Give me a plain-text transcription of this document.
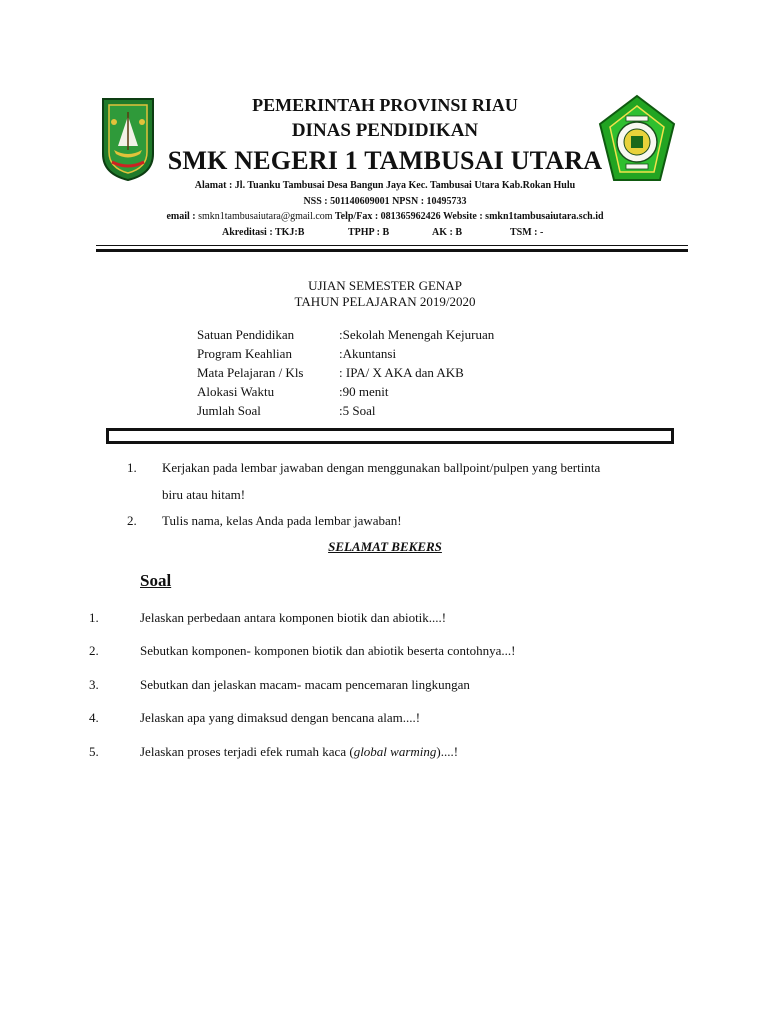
PEMERINTAH PROVINSI RIAU
DINAS PENDIDIKAN
SMK NEGERI 1 TAMBUSAI UTARA
Alamat : Jl. Tuanku Tambusai Desa Bangun Jaya Kec. Tambusai Utara Kab.Rokan Hulu
NSS : 501140609001 NPSN : 10495733
email : smkn1tambusaiutara@gmail.com Telp/Fax : 081365962426 Website : smkn1tambusaiutara.sch.id
Akreditasi : TKJ:B	TPHP : B	AK : B	TSM : -
UJIAN SEMESTER GENAP
TAHUN PELAJARAN 2019/2020
Satuan Pendidikan	:Sekolah Menengah Kejuruan
Program Keahlian	:Akuntansi
Mata Pelajaran / Kls	: IPA/ X AKA dan AKB
Alokasi Waktu	:90 menit
Jumlah Soal	:5 Soal
1. Kerjakan pada lembar jawaban dengan menggunakan ballpoint/pulpen yang bertinta
biru atau hitam!
2. Tulis nama, kelas Anda pada lembar jawaban!
SELAMAT BEKERS
Soal
1.	Jelaskan perbedaan antara komponen biotik dan abiotik....!
2.	Sebutkan komponen- komponen biotik dan abiotik beserta contohnya...!
3.	Sebutkan dan jelaskan macam- macam pencemaran lingkungan
4.	Jelaskan apa yang dimaksud dengan bencana alam....!
5.	Jelaskan proses terjadi efek rumah kaca (global warming)....!
